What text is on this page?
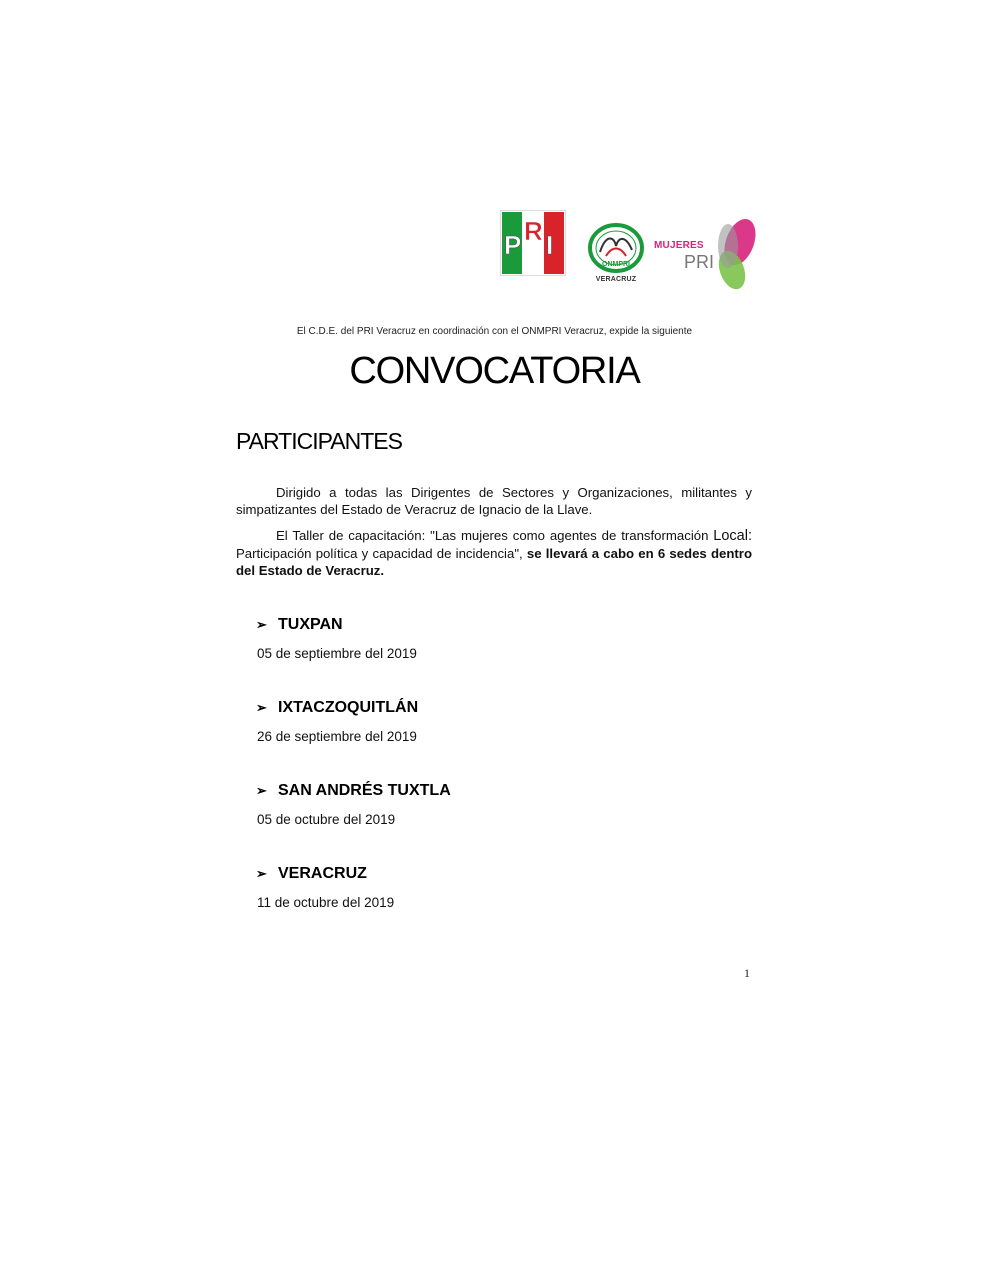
P R I
ONMPRI
VERACRUZ
MUJERES
PRI
El C.D.E. del PRI Veracruz en coordinación con el ONMPRI Veracruz, expide la siguiente
CONVOCATORIA
PARTICIPANTES
Dirigido a todas las Dirigentes de Sectores y Organizaciones, militantes y simpatizantes del Estado de Veracruz de Ignacio de la Llave.
El Taller de capacitación: "Las mujeres como agentes de transformación Local: Participación política y capacidad de incidencia", se llevará a cabo en 6 sedes dentro del Estado de Veracruz.
➢ TUXPAN
05 de septiembre del 2019
➢ IXTACZOQUITLÁN
26 de septiembre del 2019
➢ SAN ANDRÉS TUXTLA
05 de octubre del 2019
➢ VERACRUZ
11 de octubre del 2019
1
